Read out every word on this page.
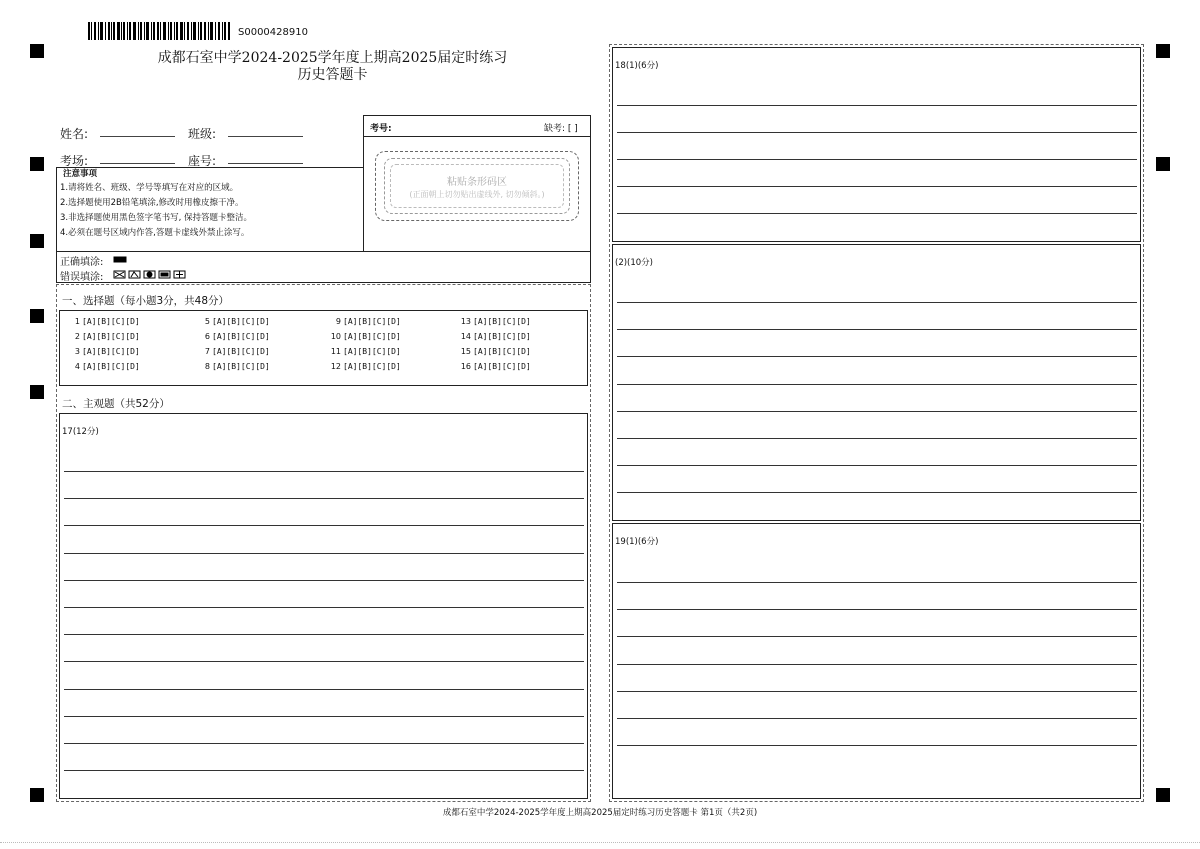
S0000428910
成都石室中学2024-2025学年度上期高2025届定时练习
历史答题卡
姓名:	班级:
考场:	座号:
考号:	缺考: [ ]
粘贴条形码区
(正面朝上切勿贴出虚线外, 切勿倾斜。)
注意事项
1.请将姓名、班级、学号等填写在对应的区域。
2.选择题使用2B铅笔填涂,修改时用橡皮擦干净。
3.非选择题使用黑色签字笔书写, 保持答题卡整洁。
4.必须在题号区域内作答,答题卡虚线外禁止涂写。
正确填涂:
错误填涂:
一、选择题（每小题3分，共48分）
1 [A][B][C][D]
2 [A][B][C][D]
3 [A][B][C][D]
4 [A][B][C][D]
5 [A][B][C][D]
6 [A][B][C][D]
7 [A][B][C][D]
8 [A][B][C][D]
9 [A][B][C][D]
10 [A][B][C][D]
11 [A][B][C][D]
12 [A][B][C][D]
13 [A][B][C][D]
14 [A][B][C][D]
15 [A][B][C][D]
16 [A][B][C][D]
二、主观题（共52分）
17(12分)
18(1)(6分)
(2)(10分)
19(1)(6分)
成都石室中学2024-2025学年度上期高2025届定时练习历史答题卡 第1页（共2页)
